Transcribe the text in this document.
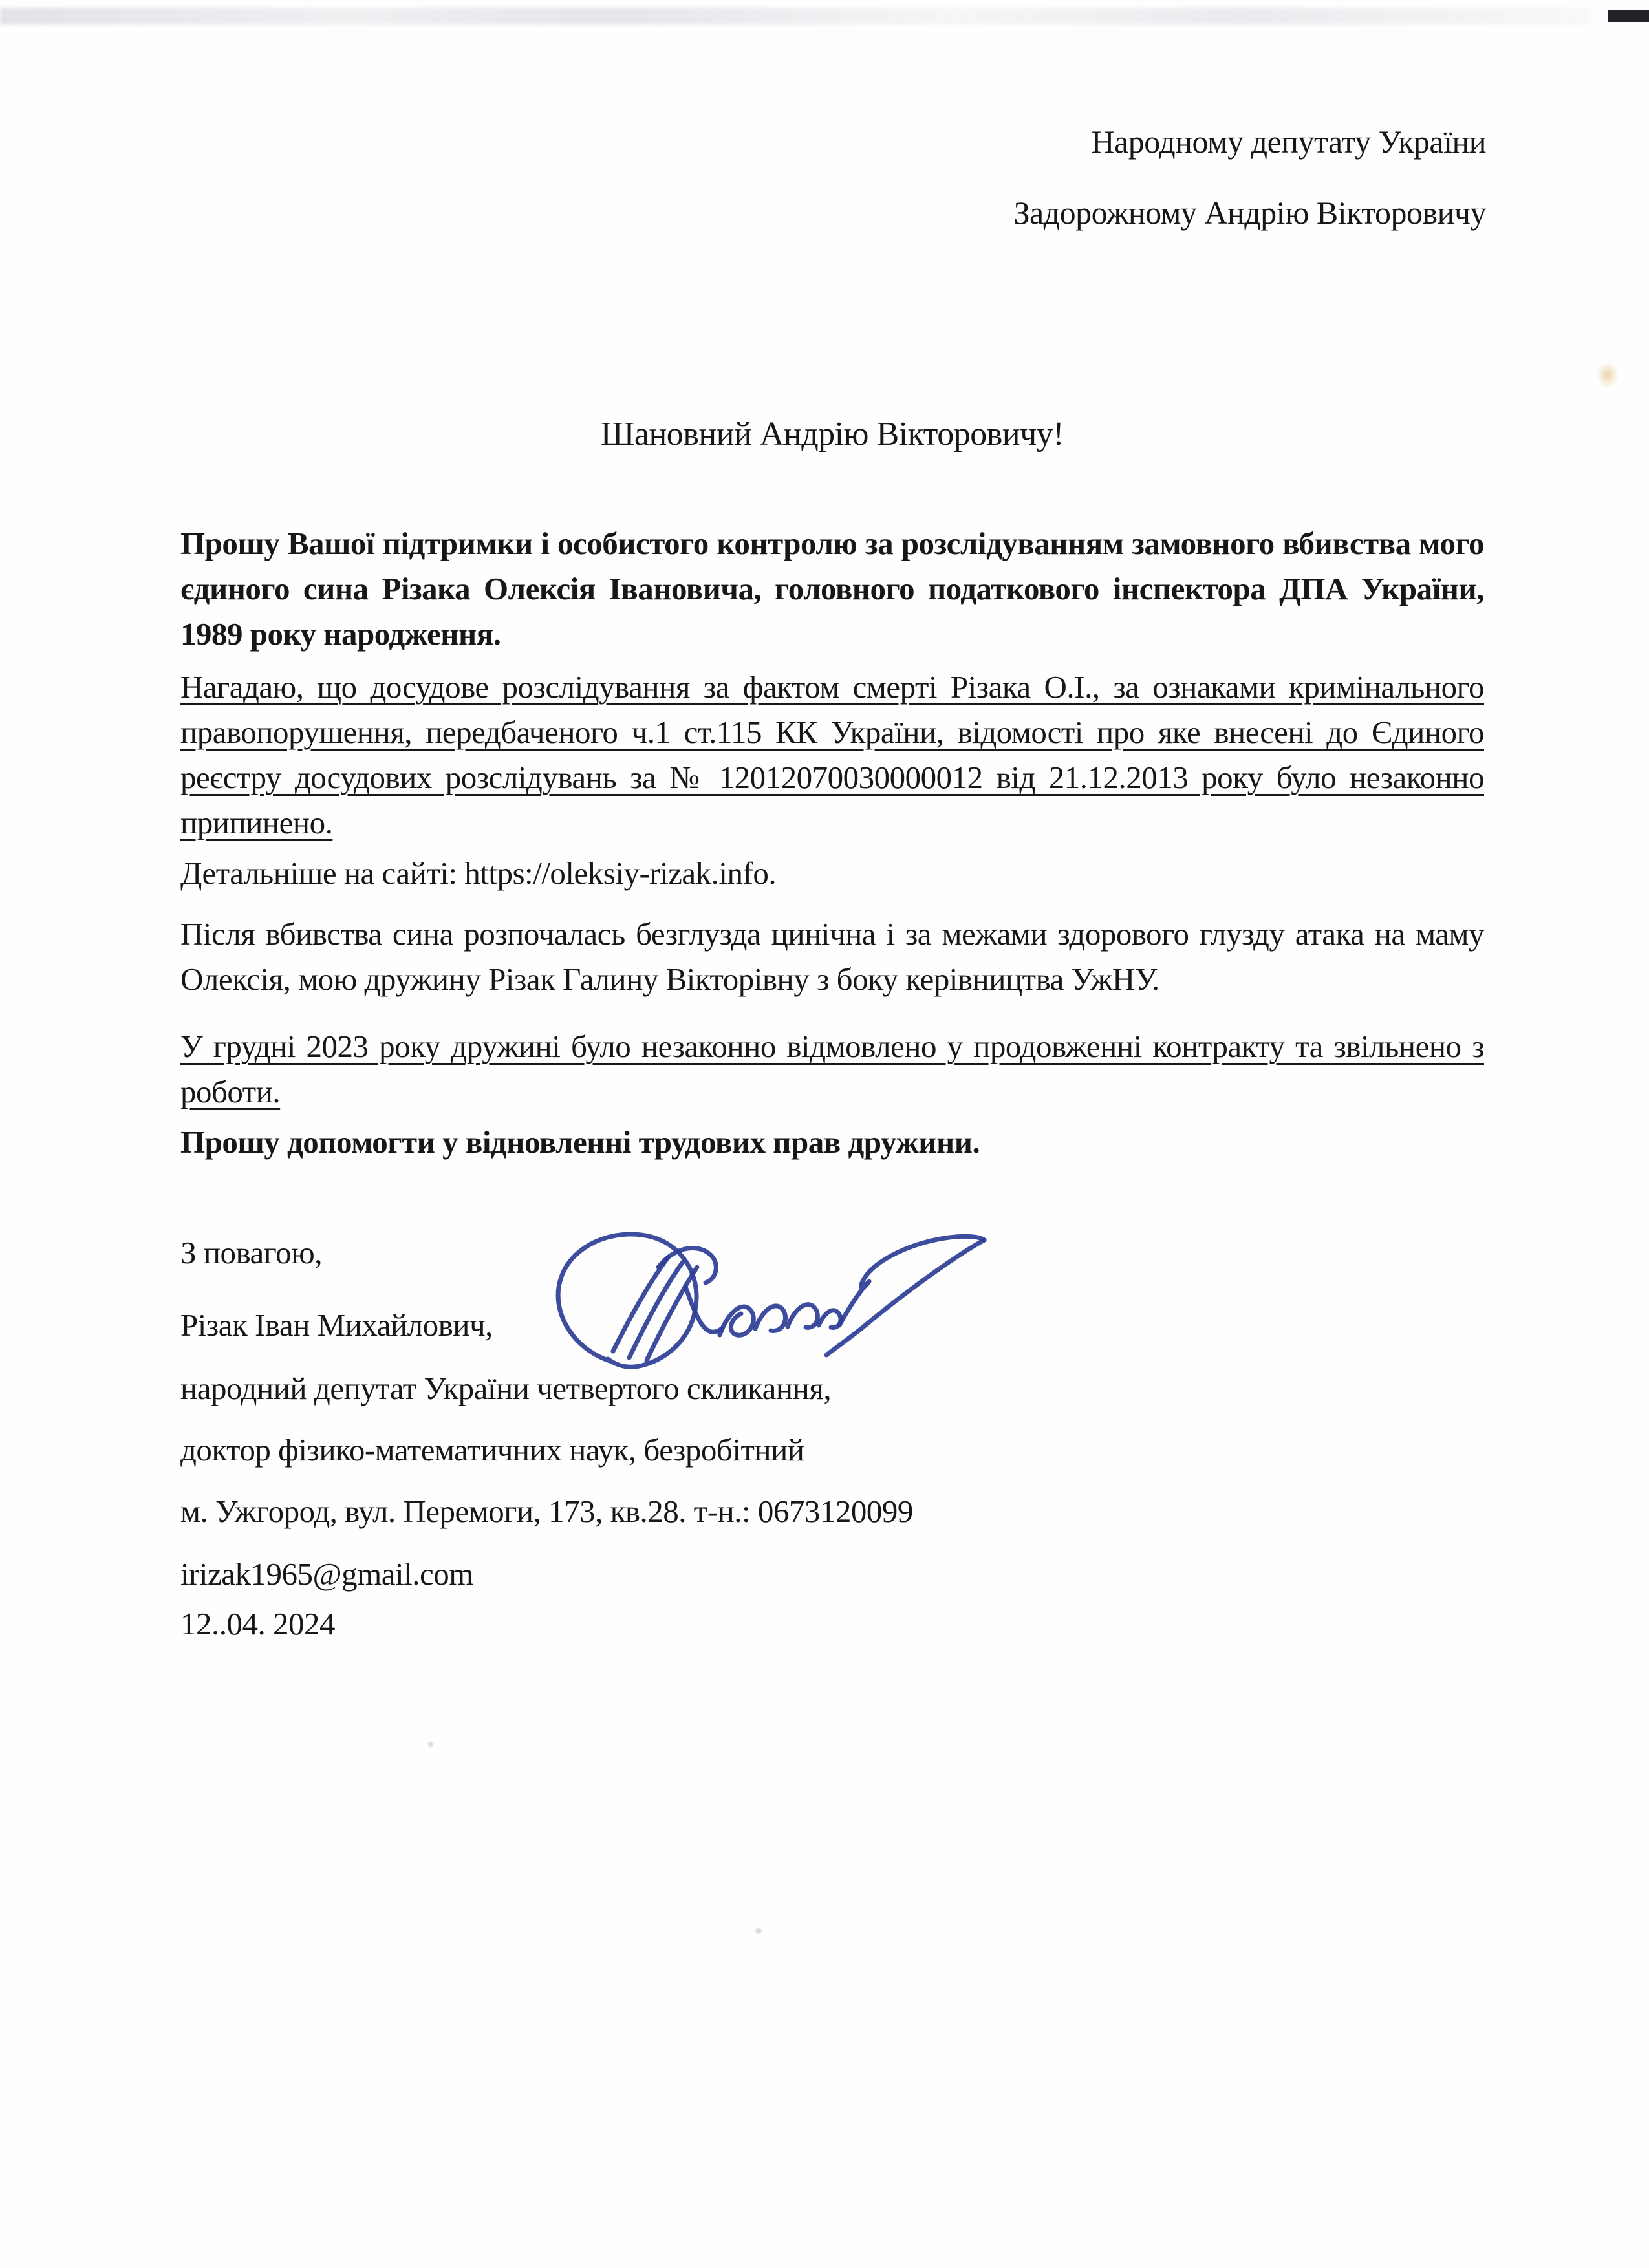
Народному депутату України
Задорожному Андрію Вікторовичу
Шановний Андрію Вікторовичу!

Прошу Вашої підтримки і особистого контролю за розслідуванням замовного вбивства мого єдиного сина Різака Олексія Івановича, головного податкового інспектора ДПА України, 1989 року народження.

Нагадаю, що досудове розслідування за фактом смерті Різака О.І., за ознаками кримінального правопорушення, передбаченого ч.1 ст.115 КК України, відомості про яке внесені до Єдиного реєстру досудових розслідувань за № 12012070030000012 від 21.12.2013 року було незаконно припинено.

Детальніше на сайті: https://oleksiy-rizak.info.

Після вбивства сина розпочалась безглузда цинічна і за межами здорового глузду атака на маму Олексія, мою дружину Різак Галину Вікторівну з боку керівництва УжНУ.

У грудні 2023 року дружині було незаконно відмовлено у продовженні контракту та звільнено з роботи.

Прошу допомогти у відновленні трудових прав дружини.

З повагою,
Різак Іван Михайлович,
народний депутат України четвертого скликання,
доктор фізико-математичних наук, безробітний
м. Ужгород, вул. Перемоги, 173, кв.28. т-н.: 0673120099
irizak1965@gmail.com
12..04. 2024
